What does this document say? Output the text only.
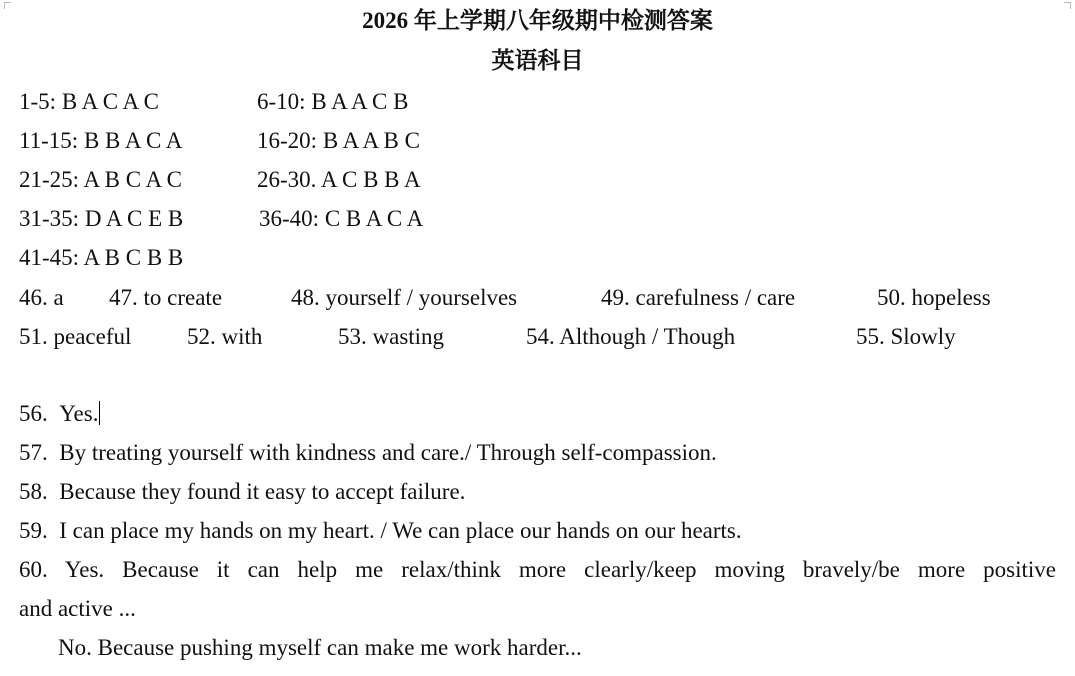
2026 年上学期八年级期中检测答案
英语科目
1-5: B A C A C	6-10: B A A C B
11-15: B B A C A	16-20: B A A B C
21-25: A B C A C	26-30. A C B B A
31-35: D A C E B	36-40: C B A C A
41-45: A B C B B
46. a 47. to create	48. yourself / yourselves	49. carefulness / care	50. hopeless
51. peaceful 52. with	53. wasting	54. Although / Though	55. Slowly
56. Yes.
57. By treating yourself with kindness and care./ Through self-compassion.
58. Because they found it easy to accept failure.
59. I can place my hands on my heart. / We can place our hands on our hearts.
60. Yes. Because it can help me relax/think more clearly/keep moving bravely/be more positive
and active ...
No. Because pushing myself can make me work harder...
